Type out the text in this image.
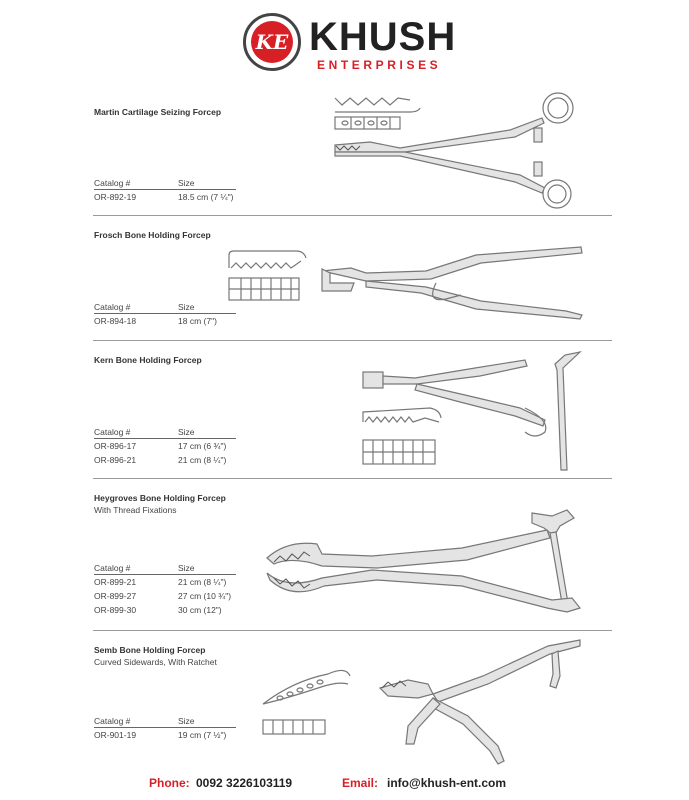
KE KHUSH
ENTERPRISES
Martin Cartilage Seizing Forcep
Catalog #	Size
OR-892-19	18.5 cm (7 ¼")
Frosch Bone Holding Forcep
Catalog #	Size
OR-894-18	18 cm (7")
Kern Bone Holding Forcep
Catalog #	Size
OR-896-17	17 cm (6 ¾")
OR-896-21	21 cm (8 ¼")
Heygroves Bone Holding Forcep
With Thread Fixations
Catalog #	Size
OR-899-21	21 cm (8 ¼")
OR-899-27	27 cm (10 ¾")
OR-899-30	30 cm (12")
Semb Bone Holding Forcep
Curved Sidewards, With Ratchet
Catalog #	Size
OR-901-19	19 cm (7 ½")
Phone: 0092 3226103119	Email: info@khush-ent.com
